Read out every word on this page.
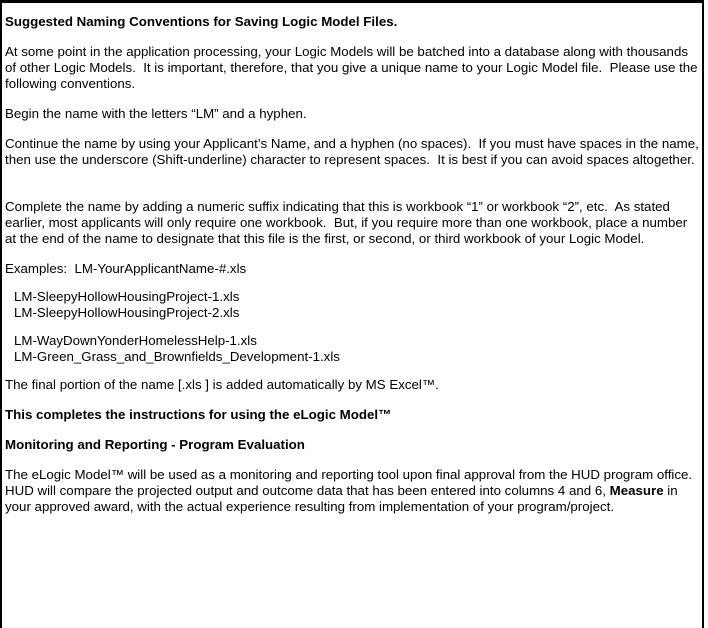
Suggested Naming Conventions for Saving Logic Model Files.

At some point in the application processing, your Logic Models will be batched into a database along with thousands of other Logic Models.  It is important, therefore, that you give a unique name to your Logic Model file.  Please use the following conventions.

Begin the name with the letters “LM” and a hyphen.

Continue the name by using your Applicant’s Name, and a hyphen (no spaces).  If you must have spaces in the name, then use the underscore (Shift-underline) character to represent spaces.  It is best if you can avoid spaces altogether.

Complete the name by adding a numeric suffix indicating that this is workbook “1” or workbook “2”, etc.  As stated earlier, most applicants will only require one workbook.  But, if you require more than one workbook, place a number at the end of the name to designate that this file is the first, or second, or third workbook of your Logic Model.

Examples:  LM-YourApplicantName-#.xls

LM-SleepyHollowHousingProject-1.xls
LM-SleepyHollowHousingProject-2.xls
LM-WayDownYonderHomelessHelp-1.xls
LM-Green_Grass_and_Brownfields_Development-1.xls

The final portion of the name [.xls ] is added automatically by MS Excel™.

This completes the instructions for using the eLogic Model™

Monitoring and Reporting - Program Evaluation

The eLogic Model™ will be used as a monitoring and reporting tool upon final approval from the HUD program office.  HUD will compare the projected output and outcome data that has been entered into columns 4 and 6, Measure in your approved award, with the actual experience resulting from implementation of your program/project.
